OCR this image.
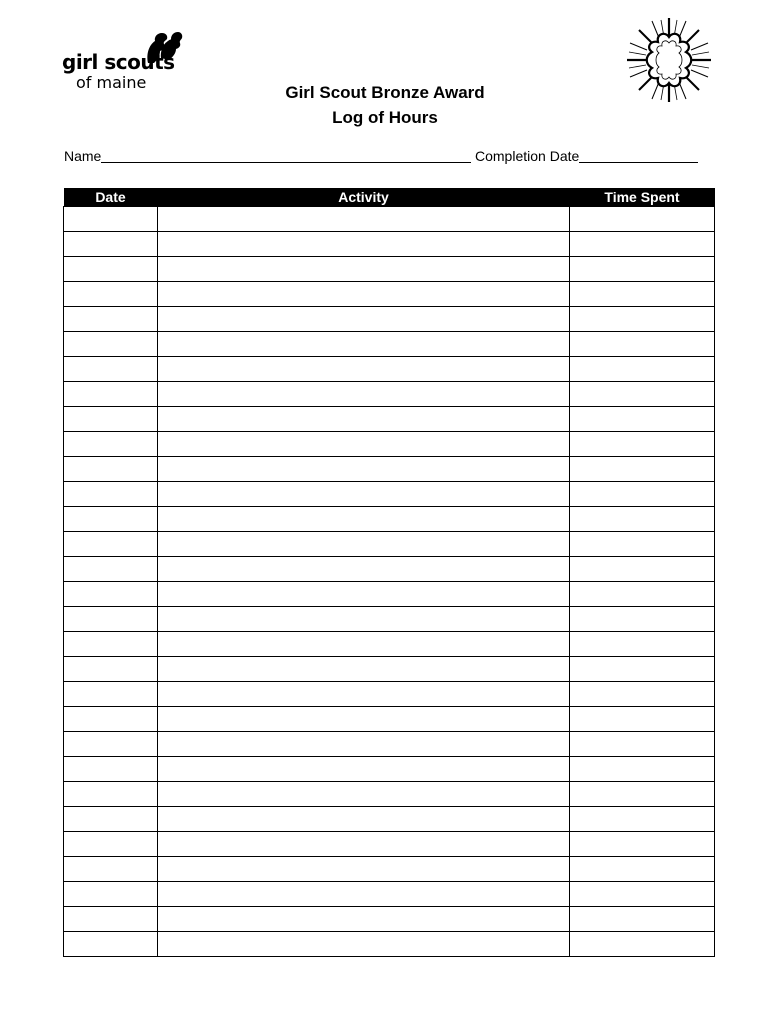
girl scouts
of maine
Girl Scout Bronze Award
Log of Hours
Name	Completion Date
Date	Activity	Time Spent
